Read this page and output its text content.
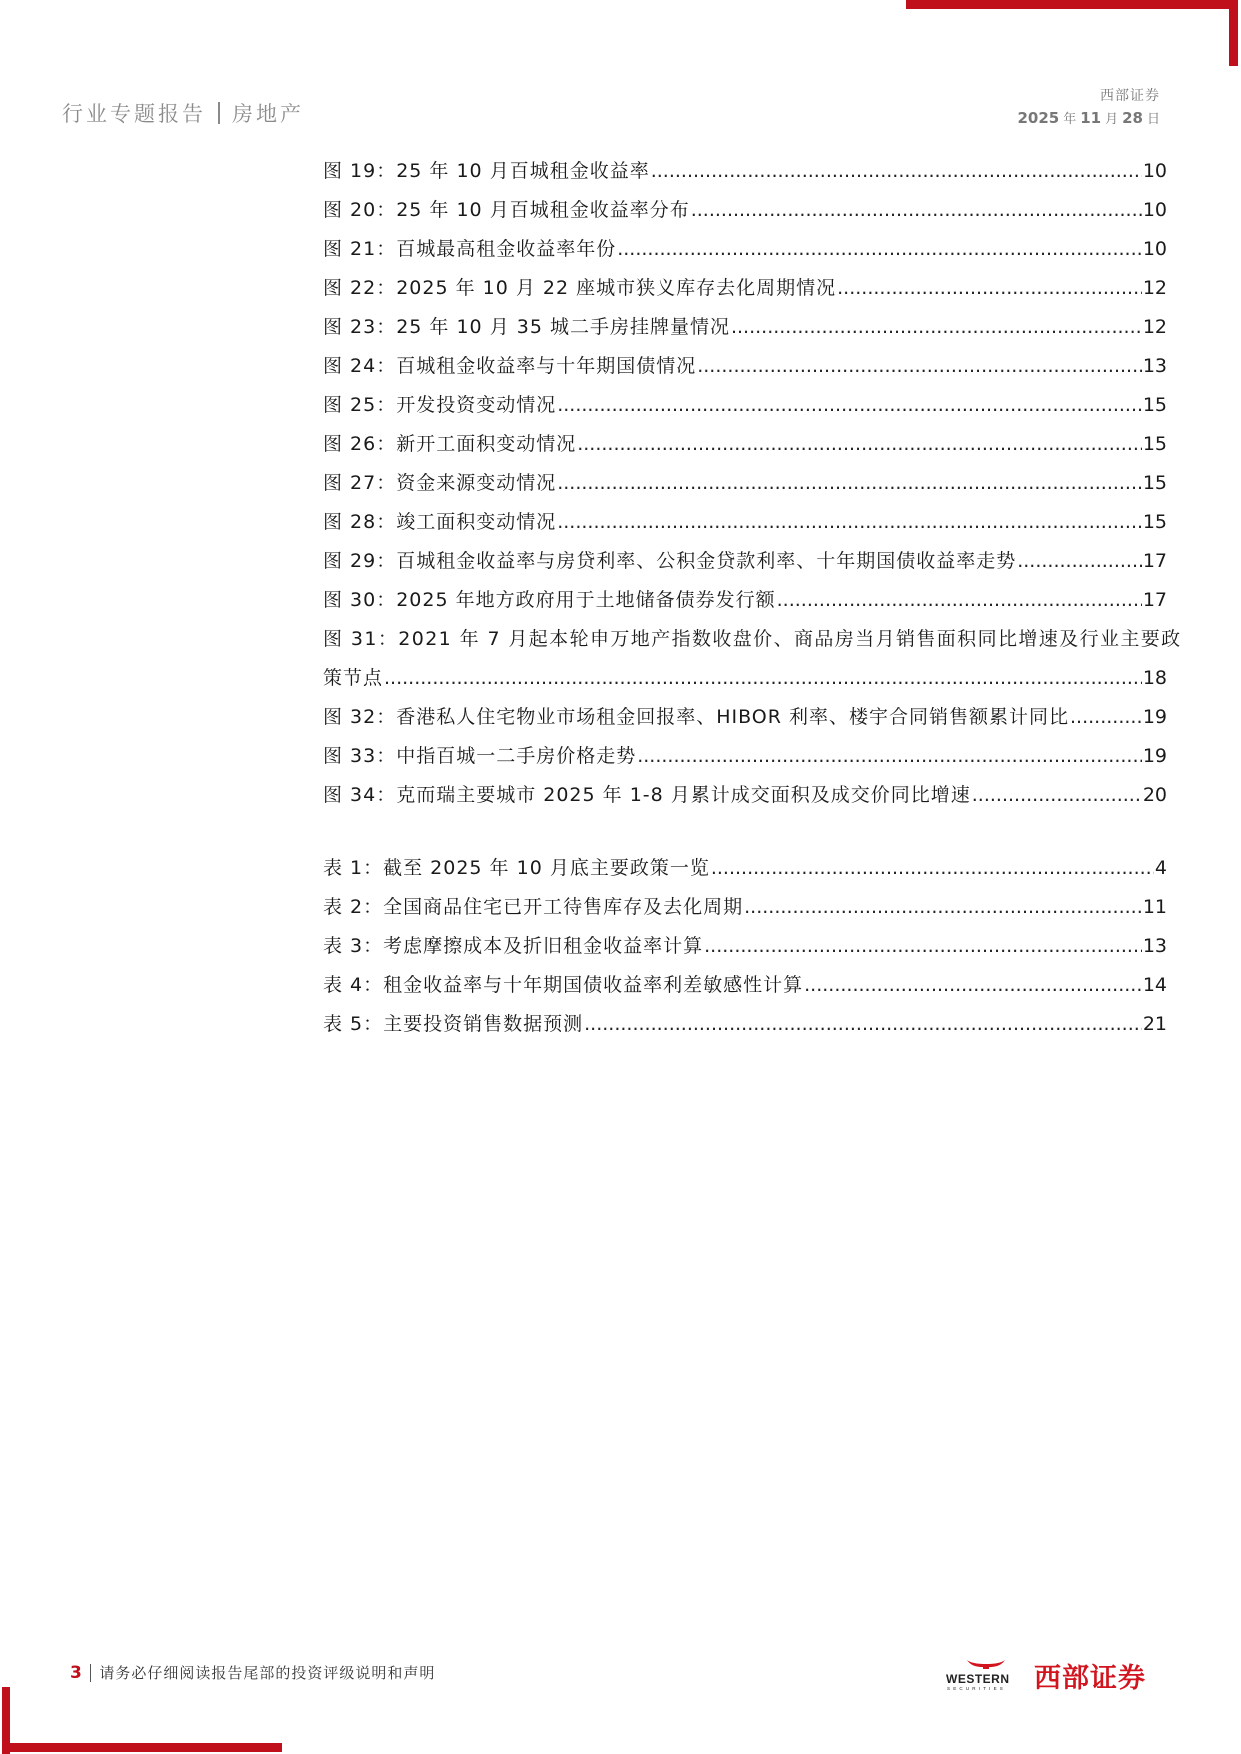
行业专题报告 房地产
西部证券
2025 年 11 月 28 日
图 19：25 年 10 月百城租金收益率 .....	10
图 20：25 年 10 月百城租金收益率分布 .....	10
图 21：百城最高租金收益率年份 .....	10
图 22：2025 年 10 月 22 座城市狭义库存去化周期情况 .....	12
图 23：25 年 10 月 35 城二手房挂牌量情况 .....	12
图 24：百城租金收益率与十年期国债情况 .....	13
图 25：开发投资变动情况 .....	15
图 26：新开工面积变动情况 .....	15
图 27：资金来源变动情况 .....	15
图 28：竣工面积变动情况 .....	15
图 29：百城租金收益率与房贷利率、公积金贷款利率、十年期国债收益率走势 .....	17
图 30：2025 年地方政府用于土地储备债券发行额 .....	17
图 31：2021 年 7 月起本轮申万地产指数收盘价、商品房当月销售面积同比增速及行业主要政
策节点 .....	18
图 32：香港私人住宅物业市场租金回报率、HIBOR 利率、楼宇合同销售额累计同比 .....	19
图 33：中指百城一二手房价格走势 .....	19
图 34：克而瑞主要城市 2025 年 1-8 月累计成交面积及成交价同比增速 .....	20
表 1：截至 2025 年 10 月底主要政策一览 .....	4
表 2：全国商品住宅已开工待售库存及去化周期 .....	11
表 3：考虑摩擦成本及折旧租金收益率计算 .....	13
表 4：租金收益率与十年期国债收益率利差敏感性计算 .....	14
表 5：主要投资销售数据预测 .....	21
3 请务必仔细阅读报告尾部的投资评级说明和声明	WESTERN
SECURITIES 西部证券
